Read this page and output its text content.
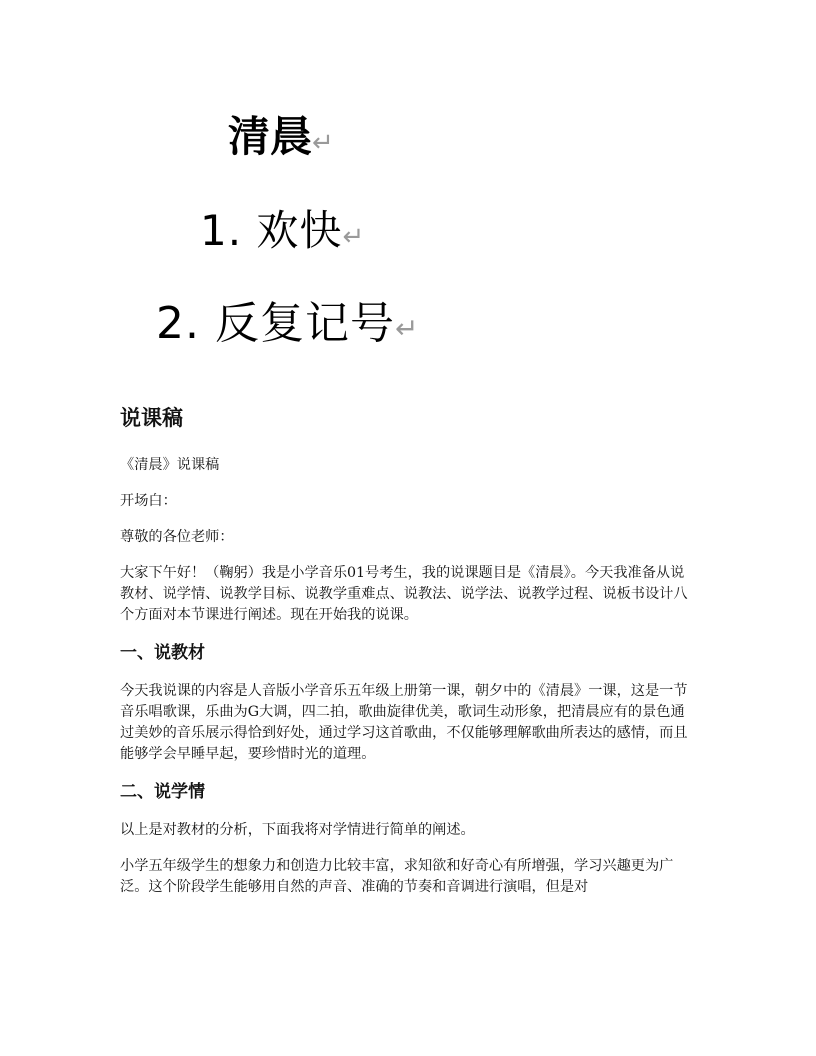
清晨↵
1. 欢快↵
2. 反复记号↵
说课稿

《清晨》说课稿

开场白：

尊敬的各位老师：

大家下午好！（鞠躬）我是小学音乐01号考生，我的说课题目是《清晨》。今天我准备从说教材、说学情、说教学目标、说教学重难点、说教法、说学法、说教学过程、说板书设计八个方面对本节课进行阐述。现在开始我的说课。

一、说教材

今天我说课的内容是人音版小学音乐五年级上册第一课，朝夕中的《清晨》一课，这是一节音乐唱歌课，乐曲为G大调，四二拍，歌曲旋律优美，歌词生动形象，把清晨应有的景色通过美妙的音乐展示得恰到好处，通过学习这首歌曲，不仅能够理解歌曲所表达的感情，而且能够学会早睡早起，要珍惜时光的道理。

二、说学情

以上是对教材的分析，下面我将对学情进行简单的阐述。

小学五年级学生的想象力和创造力比较丰富，求知欲和好奇心有所增强，学习兴趣更为广泛。这个阶段学生能够用自然的声音、准确的节奏和音调进行演唱，但是对
